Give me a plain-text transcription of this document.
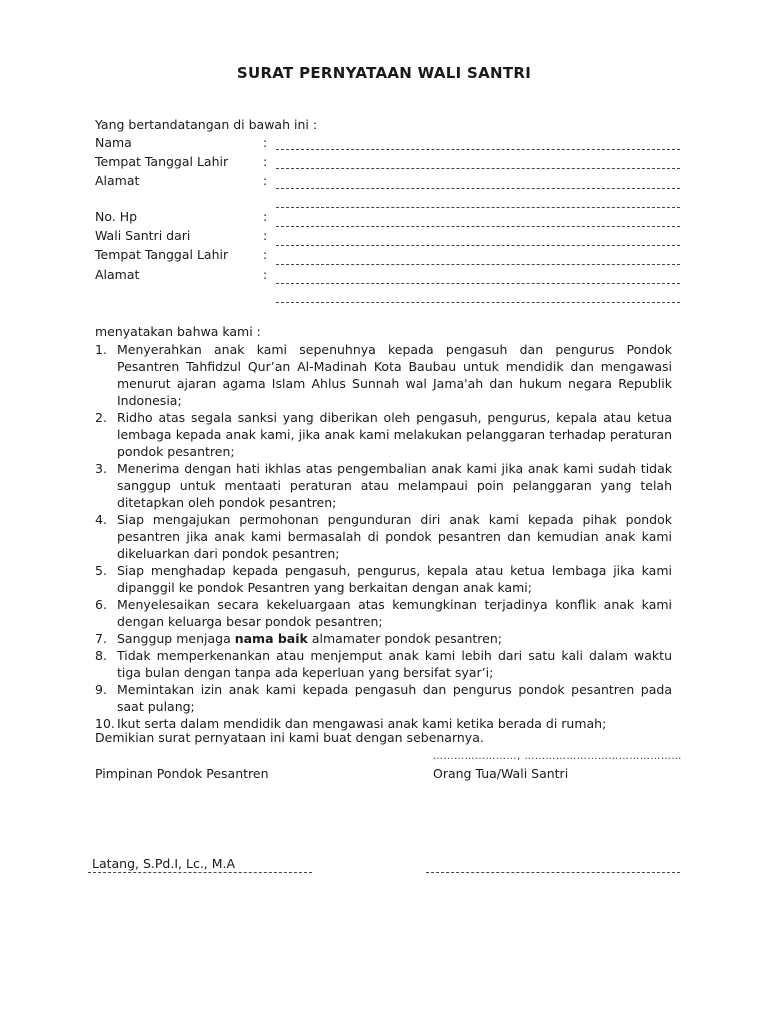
SURAT PERNYATAAN WALI SANTRI
Yang bertandatangan di bawah ini :
Nama	:
Tempat Tanggal Lahir	:
Alamat	:
No. Hp	:
Wali Santri dari	:
Tempat Tanggal Lahir	:
Alamat	:
menyatakan bahwa kami :
1. Menyerahkan anak kami sepenuhnya kepada pengasuh dan pengurus Pondok Pesantren Tahfidzul Qur’an Al-Madinah Kota Baubau untuk mendidik dan mengawasi menurut ajaran agama Islam Ahlus Sunnah wal Jama'ah dan hukum negara Republik Indonesia;
2. Ridho atas segala sanksi yang diberikan oleh pengasuh, pengurus, kepala atau ketua lembaga kepada anak kami, jika anak kami melakukan pelanggaran terhadap peraturan pondok pesantren;
3. Menerima dengan hati ikhlas atas pengembalian anak kami jika anak kami sudah tidak sanggup untuk mentaati peraturan atau melampaui poin pelanggaran yang telah ditetapkan oleh pondok pesantren;
4. Siap mengajukan permohonan pengunduran diri anak kami kepada pihak pondok pesantren jika anak kami bermasalah di pondok pesantren dan kemudian anak kami dikeluarkan dari pondok pesantren;
5. Siap menghadap kepada pengasuh, pengurus, kepala atau ketua lembaga jika kami dipanggil ke pondok Pesantren yang berkaitan dengan anak kami;
6. Menyelesaikan secara kekeluargaan atas kemungkinan terjadinya konflik anak kami dengan keluarga besar pondok pesantren;
7. Sanggup menjaga nama baik almamater pondok pesantren;
8. Tidak memperkenankan atau menjemput anak kami lebih dari satu kali dalam waktu tiga bulan dengan tanpa ada keperluan yang bersifat syar’i;
9. Memintakan izin anak kami kepada pengasuh dan pengurus pondok pesantren pada saat pulang;
10. Ikut serta dalam mendidik dan mengawasi anak kami ketika berada di rumah;
Demikian surat pernyataan ini kami buat dengan sebenarnya.
……………………, ………………………………………
Pimpinan Pondok Pesantren	Orang Tua/Wali Santri
Latang, S.Pd.I, Lc., M.A
